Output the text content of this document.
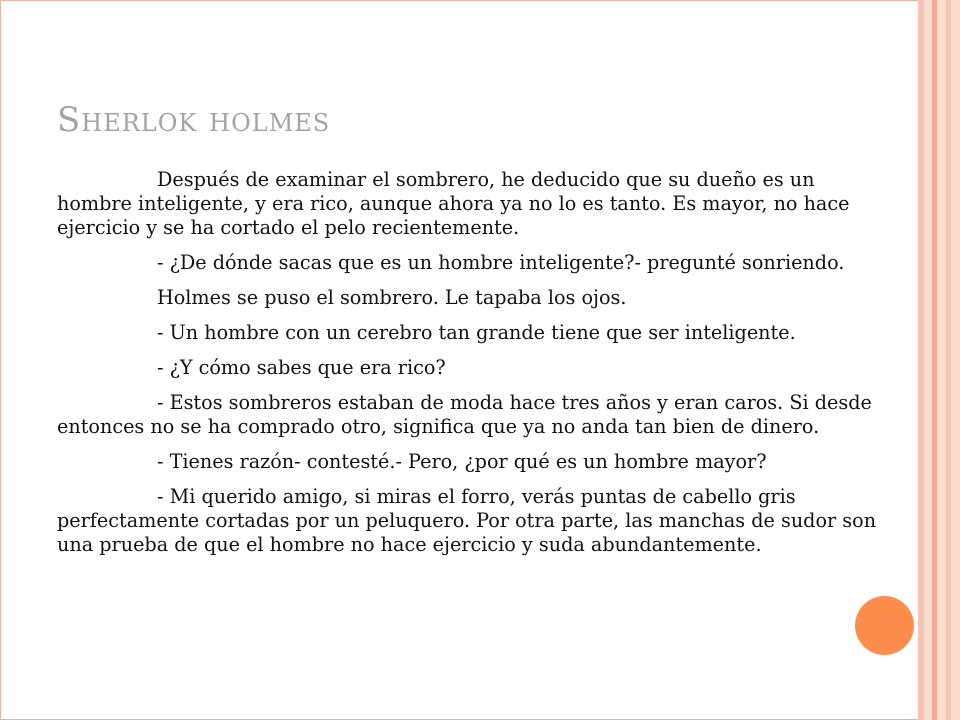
Sherlok holmes

Después de examinar el sombrero, he deducido que su dueño es un hombre inteligente, y era rico, aunque ahora ya no lo es tanto. Es mayor, no hace ejercicio y se ha cortado el pelo recientemente.

- ¿De dónde sacas que es un hombre inteligente?- pregunté sonriendo.

Holmes se puso el sombrero. Le tapaba los ojos.

- Un hombre con un cerebro tan grande tiene que ser inteligente.

- ¿Y cómo sabes que era rico?

- Estos sombreros estaban de moda hace tres años y eran caros. Si desde entonces no se ha comprado otro, significa que ya no anda tan bien de dinero.

- Tienes razón- contesté.- Pero, ¿por qué es un hombre mayor?

- Mi querido amigo, si miras el forro, verás puntas de cabello gris perfectamente cortadas por un peluquero. Por otra parte, las manchas de sudor son una prueba de que el hombre no hace ejercicio y suda abundantemente.
